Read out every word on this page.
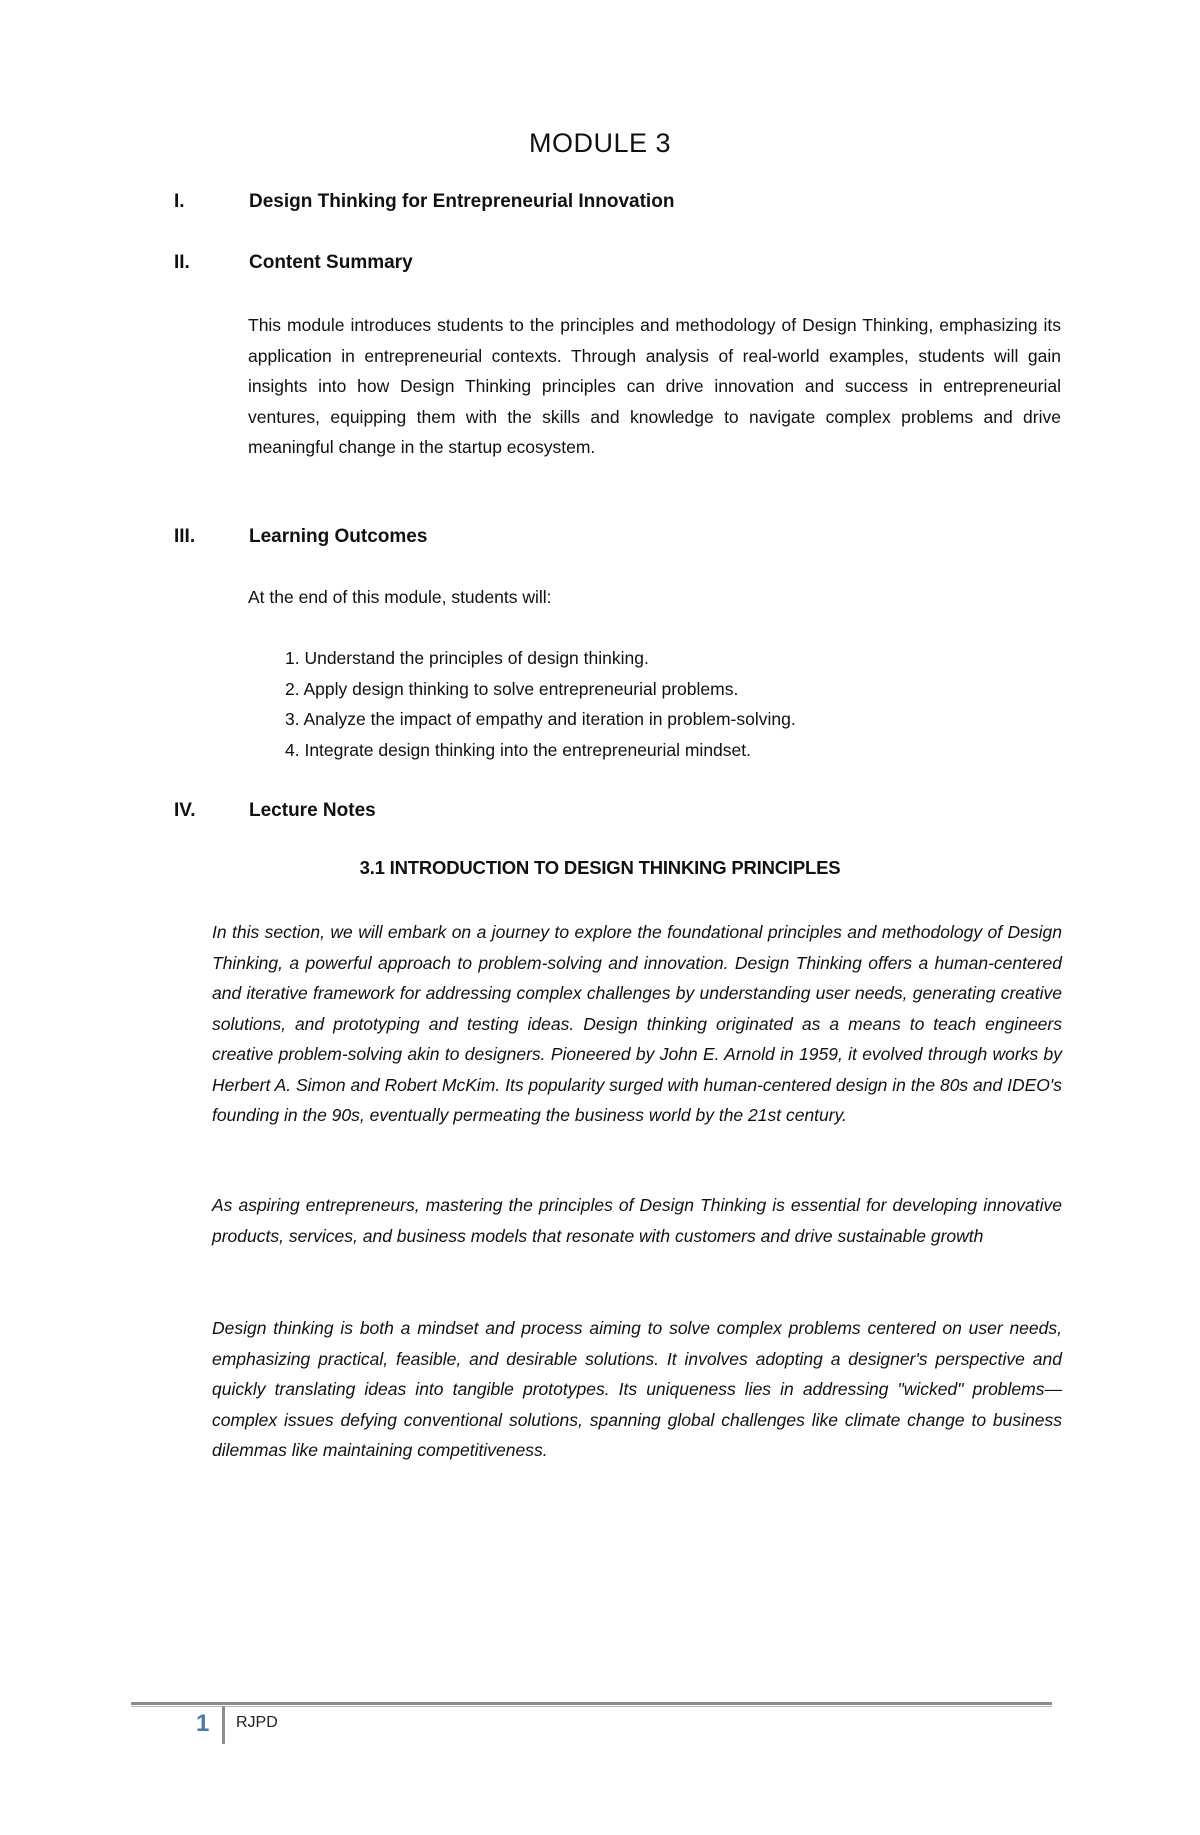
MODULE 3
I.	Design Thinking for Entrepreneurial Innovation
II.	Content Summary

This module introduces students to the principles and methodology of Design Thinking, emphasizing its application in entrepreneurial contexts. Through analysis of real-world examples, students will gain insights into how Design Thinking principles can drive innovation and success in entrepreneurial ventures, equipping them with the skills and knowledge to navigate complex problems and drive meaningful change in the startup ecosystem.

III.	Learning Outcomes

At the end of this module, students will:

1. Understand the principles of design thinking.
2. Apply design thinking to solve entrepreneurial problems.
3. Analyze the impact of empathy and iteration in problem-solving.
4. Integrate design thinking into the entrepreneurial mindset.
IV.	Lecture Notes
3.1 INTRODUCTION TO DESIGN THINKING PRINCIPLES

In this section, we will embark on a journey to explore the foundational principles and methodology of Design Thinking, a powerful approach to problem-solving and innovation. Design Thinking offers a human-centered and iterative framework for addressing complex challenges by understanding user needs, generating creative solutions, and prototyping and testing ideas. Design thinking originated as a means to teach engineers creative problem-solving akin to designers. Pioneered by John E. Arnold in 1959, it evolved through works by Herbert A. Simon and Robert McKim. Its popularity surged with human-centered design in the 80s and IDEO's founding in the 90s, eventually permeating the business world by the 21st century.

As aspiring entrepreneurs, mastering the principles of Design Thinking is essential for developing innovative products, services, and business models that resonate with customers and drive sustainable growth

Design thinking is both a mindset and process aiming to solve complex problems centered on user needs, emphasizing practical, feasible, and desirable solutions. It involves adopting a designer's perspective and quickly translating ideas into tangible prototypes. Its uniqueness lies in addressing "wicked" problems—complex issues defying conventional solutions, spanning global challenges like climate change to business dilemmas like maintaining competitiveness.

1 RJPD
